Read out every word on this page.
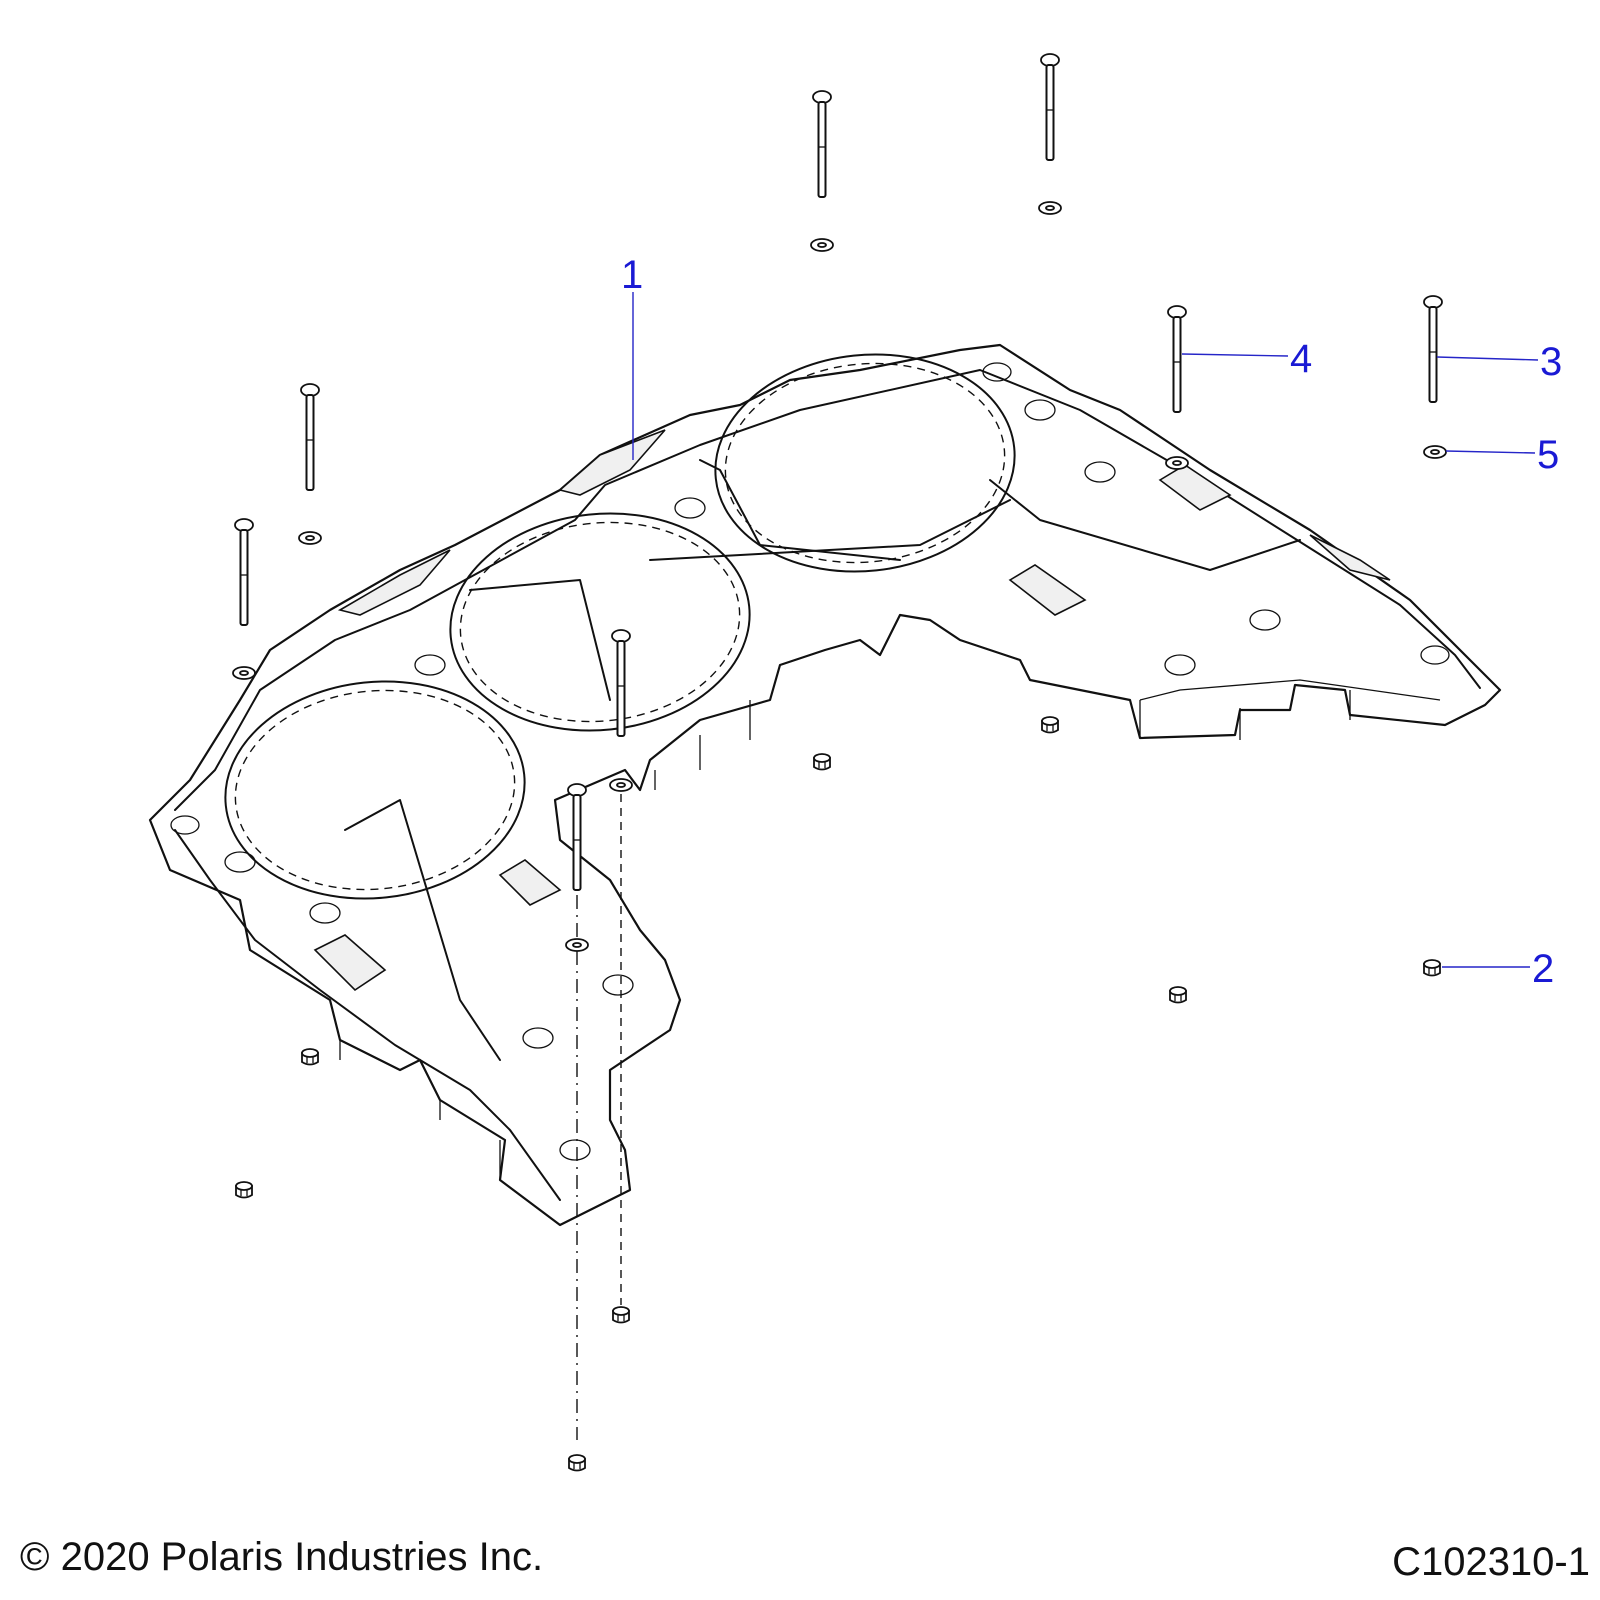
1
4	3
5
2
© 2020 Polaris Industries Inc.	C102310-1
